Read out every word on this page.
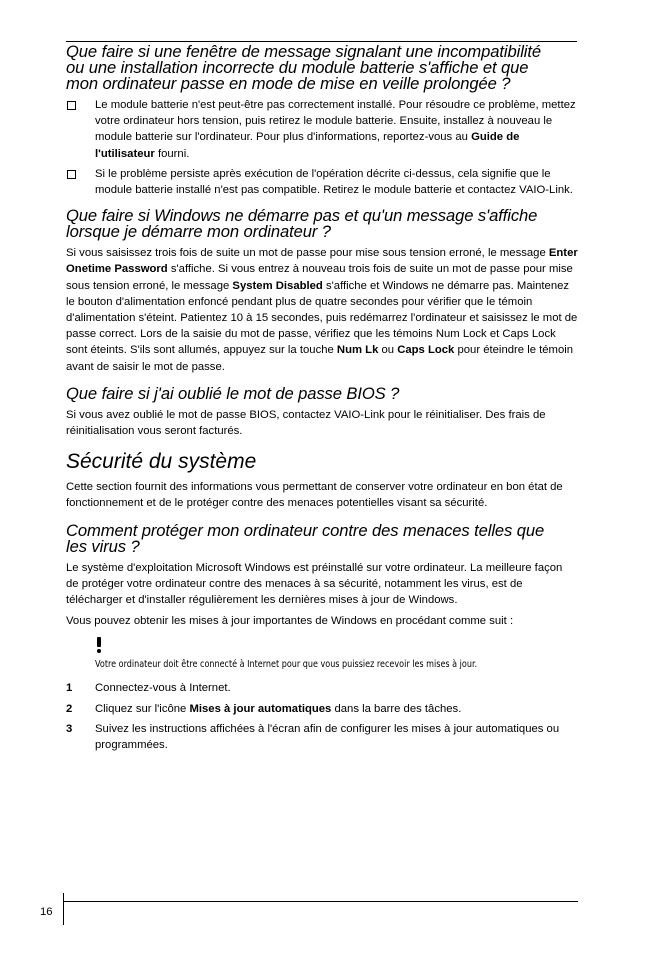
Que faire si une fenêtre de message signalant une incompatibilité
ou une installation incorrecte du module batterie s'affiche et que
mon ordinateur passe en mode de mise en veille prolongée ?
Le module batterie n'est peut-être pas correctement installé. Pour résoudre ce problème, mettez votre ordinateur hors tension, puis retirez le module batterie. Ensuite, installez à nouveau le module batterie sur l'ordinateur. Pour plus d'informations, reportez-vous au Guide de l'utilisateur fourni.
Si le problème persiste après exécution de l'opération décrite ci-dessus, cela signifie que le module batterie installé n'est pas compatible. Retirez le module batterie et contactez VAIO-Link.
Que faire si Windows ne démarre pas et qu'un message s'affiche
lorsque je démarre mon ordinateur ?

Si vous saisissez trois fois de suite un mot de passe pour mise sous tension erroné, le message Enter Onetime Password s'affiche. Si vous entrez à nouveau trois fois de suite un mot de passe pour mise sous tension erroné, le message System Disabled s'affiche et Windows ne démarre pas. Maintenez le bouton d'alimentation enfoncé pendant plus de quatre secondes pour vérifier que le témoin d'alimentation s'éteint. Patientez 10 à 15 secondes, puis redémarrez l'ordinateur et saisissez le mot de passe correct. Lors de la saisie du mot de passe, vérifiez que les témoins Num Lock et Caps Lock sont éteints. S'ils sont allumés, appuyez sur la touche Num Lk ou Caps Lock pour éteindre le témoin avant de saisir le mot de passe.

Que faire si j'ai oublié le mot de passe BIOS ?

Si vous avez oublié le mot de passe BIOS, contactez VAIO-Link pour le réinitialiser. Des frais de réinitialisation vous seront facturés.

Sécurité du système

Cette section fournit des informations vous permettant de conserver votre ordinateur en bon état de fonctionnement et de le protéger contre des menaces potentielles visant sa sécurité.

Comment protéger mon ordinateur contre des menaces telles que
les virus ?

Le système d'exploitation Microsoft Windows est préinstallé sur votre ordinateur. La meilleure façon de protéger votre ordinateur contre des menaces à sa sécurité, notamment les virus, est de télécharger et d'installer régulièrement les dernières mises à jour de Windows.

Vous pouvez obtenir les mises à jour importantes de Windows en procédant comme suit :

Votre ordinateur doit être connecté à Internet pour que vous puissiez recevoir les mises à jour.
1 Connectez-vous à Internet.
2 Cliquez sur l'icône Mises à jour automatiques dans la barre des tâches.
3 Suivez les instructions affichées à l'écran afin de configurer les mises à jour automatiques ou programmées.
16
